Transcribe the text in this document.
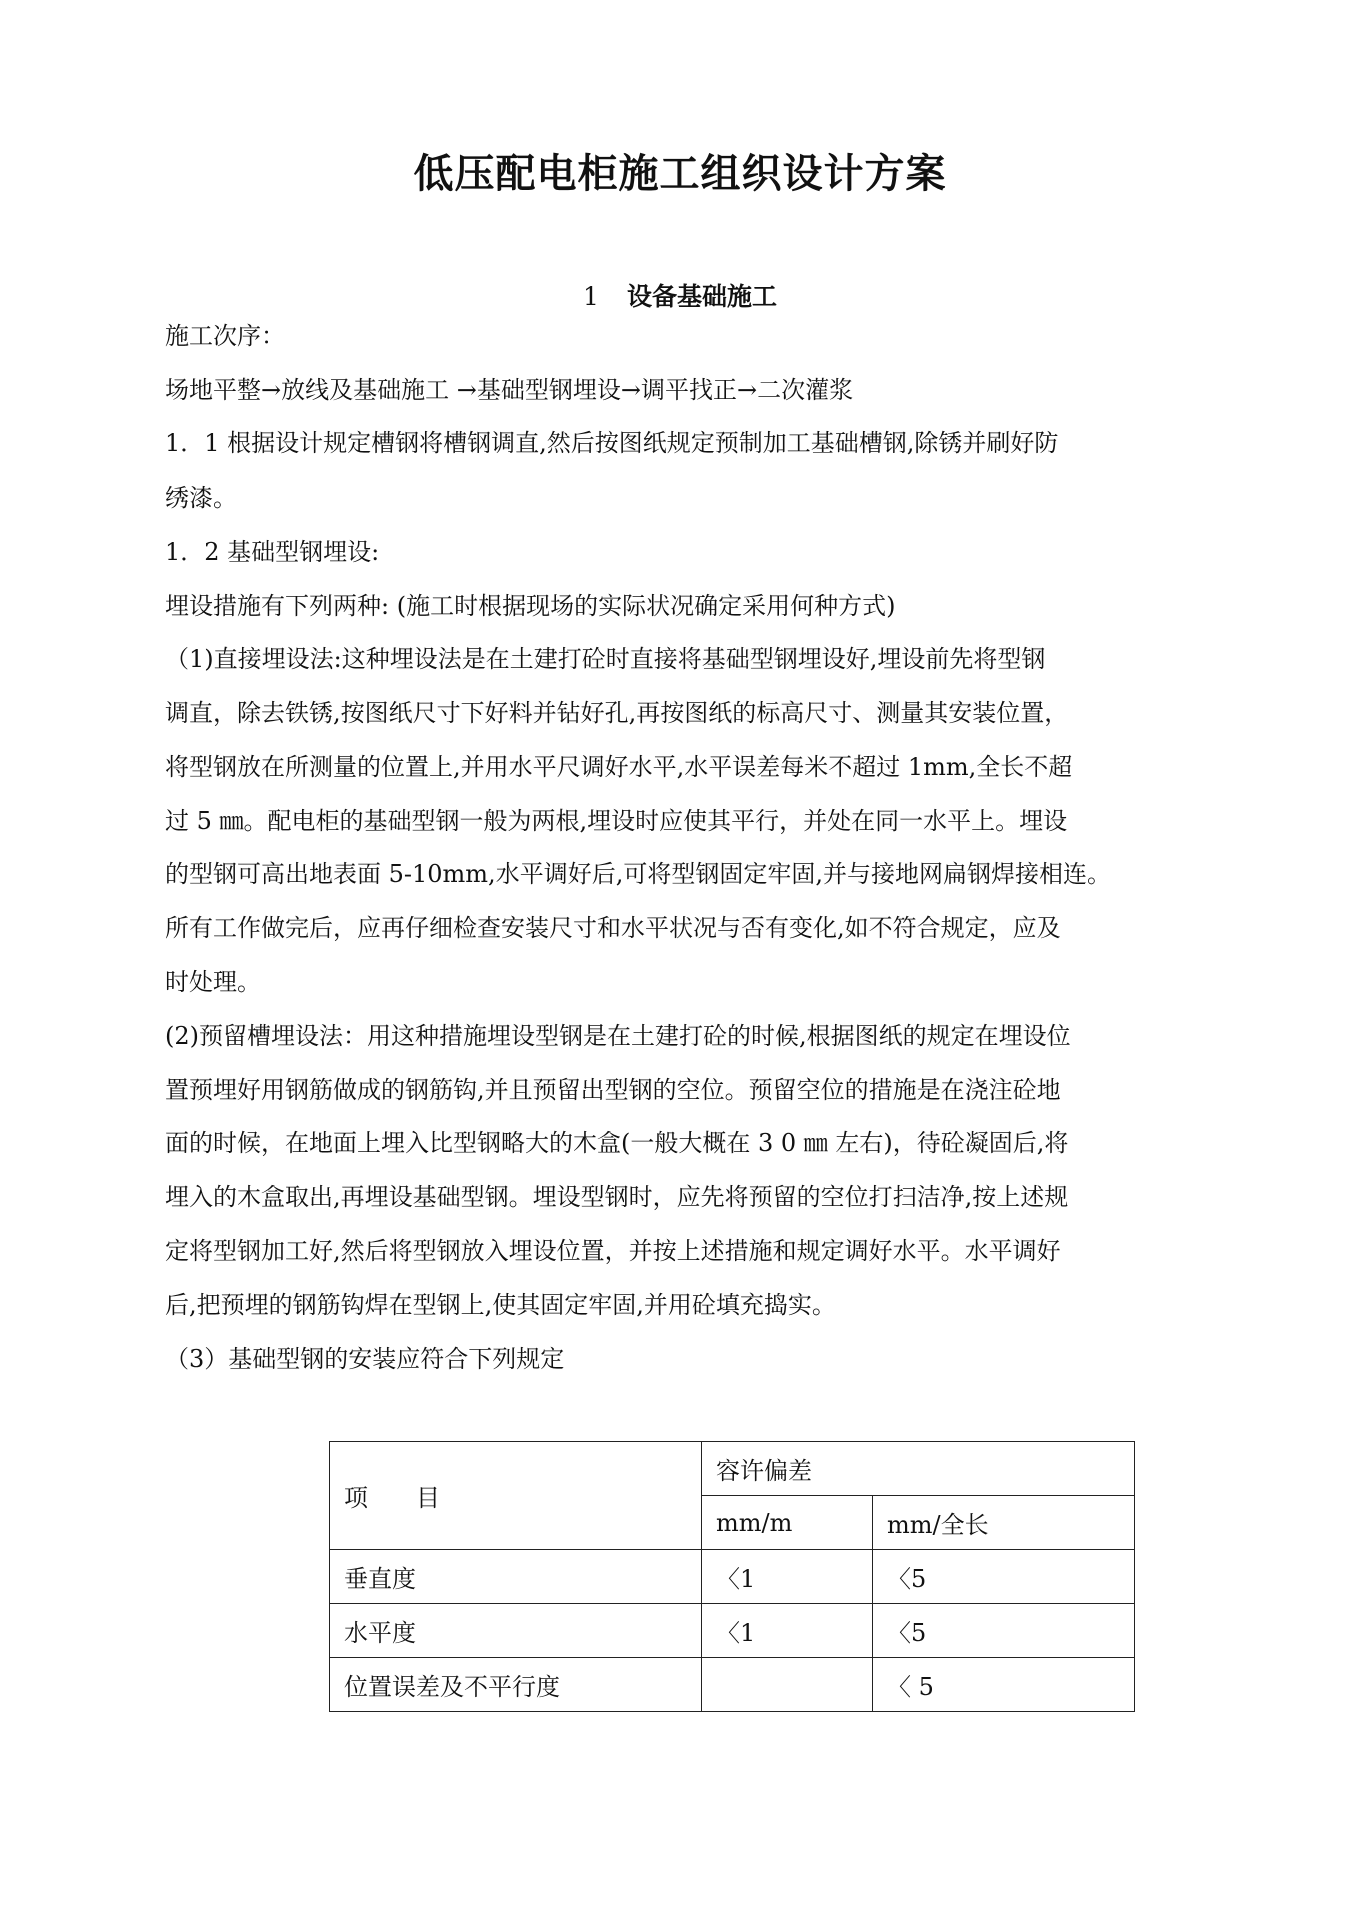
低压配电柜施工组织设计方案
1 设备基础施工
施工次序：
场地平整→放线及基础施工 →基础型钢埋设→调平找正→二次灌浆
1．1 根据设计规定槽钢将槽钢调直,然后按图纸规定预制加工基础槽钢,除锈并刷好防
绣漆。
1．2 基础型钢埋设:
埋设措施有下列两种: (施工时根据现场的实际状况确定采用何种方式)
（1)直接埋设法:这种埋设法是在土建打砼时直接将基础型钢埋设好,埋设前先将型钢
调直，除去铁锈,按图纸尺寸下好料并钻好孔,再按图纸的标高尺寸、测量其安装位置，
将型钢放在所测量的位置上,并用水平尺调好水平,水平误差每米不超过 1mm,全长不超
过 5 ㎜。配电柜的基础型钢一般为两根,埋设时应使其平行，并处在同一水平上。埋设
的型钢可高出地表面 5-10mm,水平调好后,可将型钢固定牢固,并与接地网扁钢焊接相连。
所有工作做完后，应再仔细检查安装尺寸和水平状况与否有变化,如不符合规定，应及
时处理。
(2)预留槽埋设法：用这种措施埋设型钢是在土建打砼的时候,根据图纸的规定在埋设位
置预埋好用钢筋做成的钢筋钩,并且预留出型钢的空位。预留空位的措施是在浇注砼地
面的时候，在地面上埋入比型钢略大的木盒(一般大概在 3 0 ㎜ 左右)，待砼凝固后,将
埋入的木盒取出,再埋设基础型钢。埋设型钢时，应先将预留的空位打扫洁净,按上述规
定将型钢加工好,然后将型钢放入埋设位置，并按上述措施和规定调好水平。水平调好
后,把预埋的钢筋钩焊在型钢上,使其固定牢固,并用砼填充捣实。
（3）基础型钢的安装应符合下列规定
项　　目	容许偏差	
	mm/m	mm/全长
垂直度	〈1	〈5
水平度	〈1	〈5
位置误差及不平行度		〈 5
